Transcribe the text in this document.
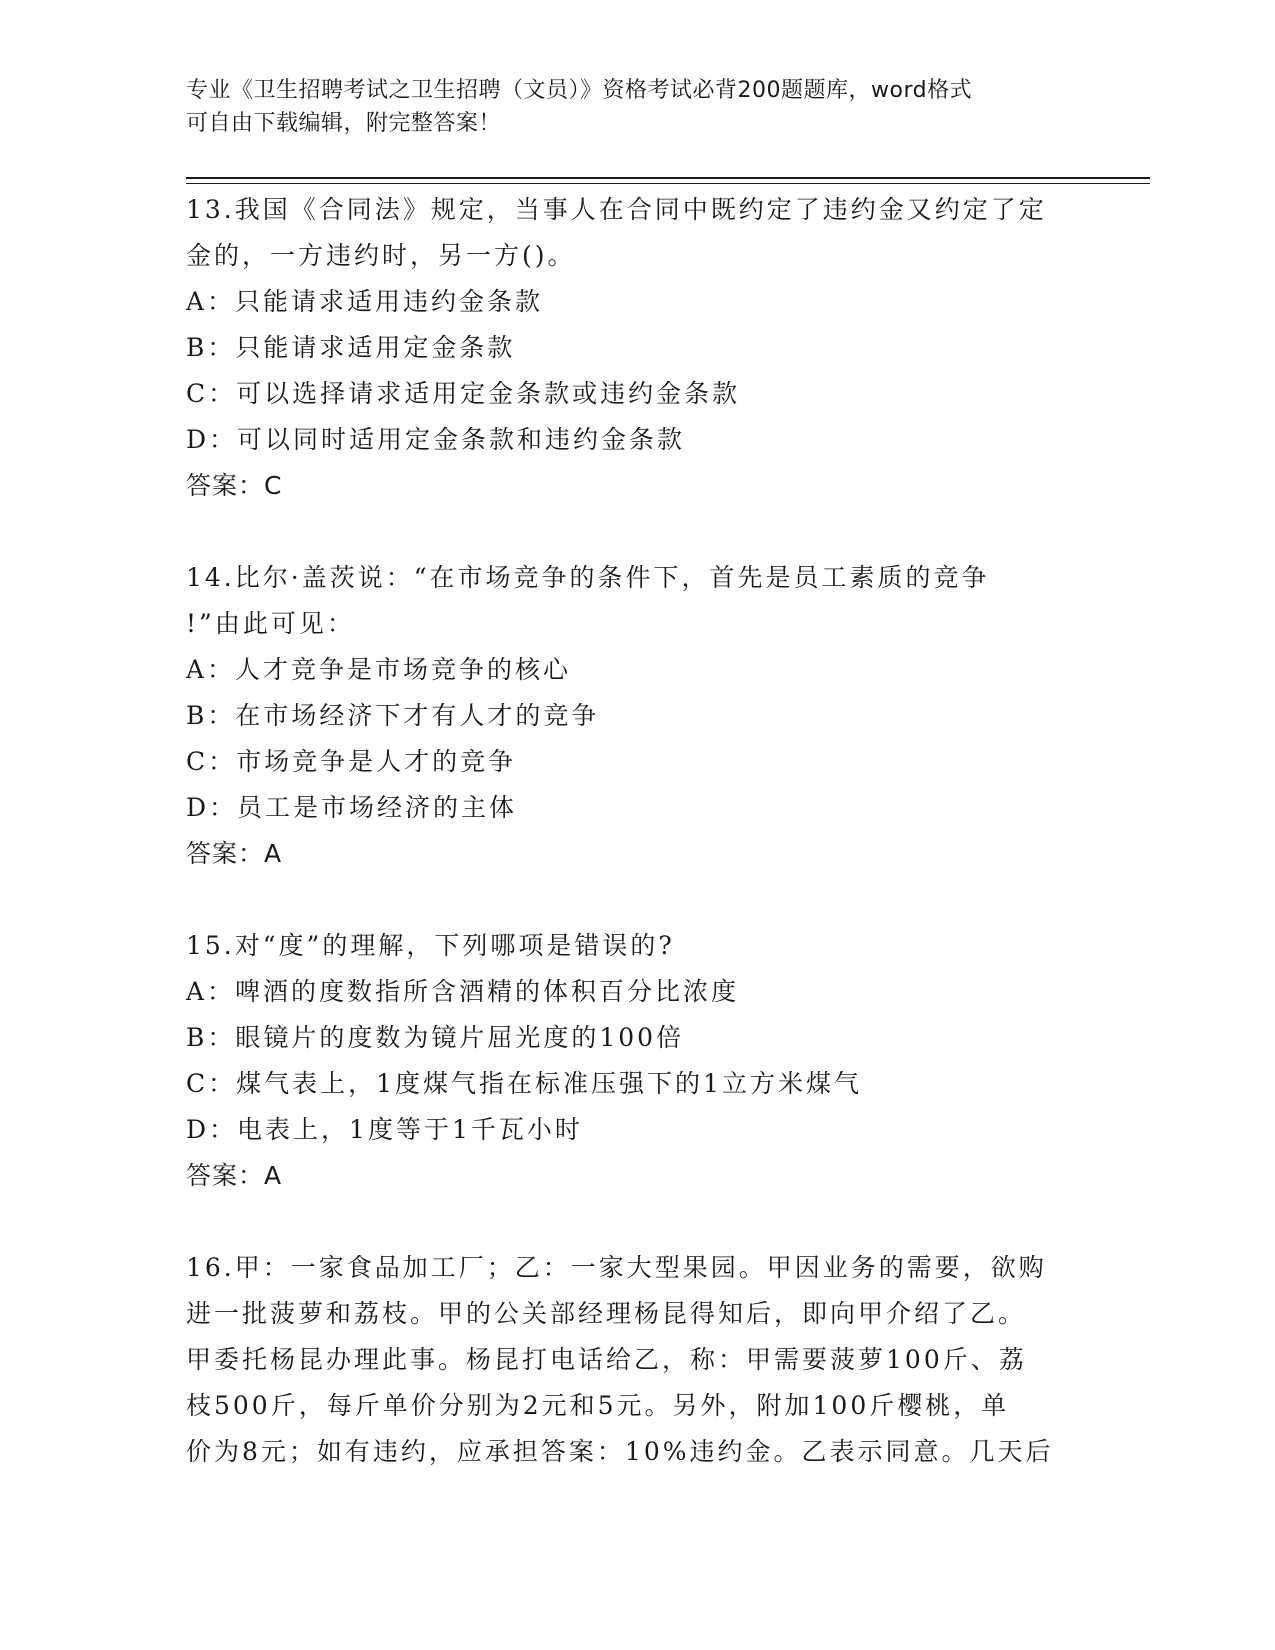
专业《卫生招聘考试之卫生招聘（文员）》资格考试必背200题题库，word格式
可自由下载编辑，附完整答案！
13.我国《合同法》规定，当事人在合同中既约定了违约金又约定了定
金的，一方违约时，另一方()。
A：只能请求适用违约金条款
B：只能请求适用定金条款
C：可以选择请求适用定金条款或违约金条款
D：可以同时适用定金条款和违约金条款
答案：C
14.比尔·盖茨说：“在市场竞争的条件下，首先是员工素质的竞争
!”由此可见：
A：人才竞争是市场竞争的核心
B：在市场经济下才有人才的竞争
C：市场竞争是人才的竞争
D：员工是市场经济的主体
答案：A
15.对“度”的理解，下列哪项是错误的?
A：啤酒的度数指所含酒精的体积百分比浓度
B：眼镜片的度数为镜片屈光度的100倍
C：煤气表上，1度煤气指在标准压强下的1立方米煤气
D：电表上，1度等于1千瓦小时
答案：A
16.甲：一家食品加工厂；乙：一家大型果园。甲因业务的需要，欲购
进一批菠萝和荔枝。甲的公关部经理杨昆得知后，即向甲介绍了乙。
甲委托杨昆办理此事。杨昆打电话给乙，称：甲需要菠萝100斤、荔
枝500斤，每斤单价分别为2元和5元。另外，附加100斤樱桃，单
价为8元；如有违约，应承担答案：10%违约金。乙表示同意。几天后
